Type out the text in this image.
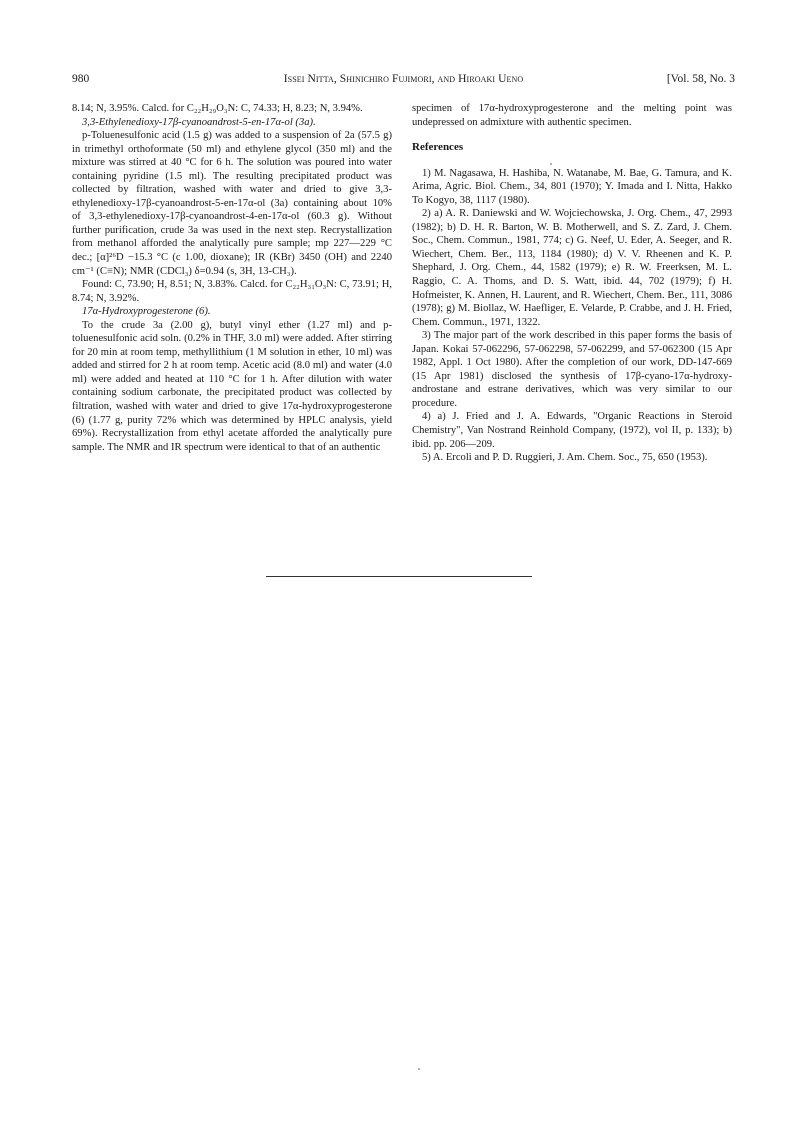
980	Issei Nitta, Shinichiro Fujimori, and Hiroaki Ueno	[Vol. 58, No. 3

8.14; N, 3.95%. Calcd. for C₂₂H₂₉O₃N: C, 74.33; H, 8.23; N, 3.94%.

3,3-Ethylenedioxy-17β-cyanoandrost-5-en-17α-ol (3a).

p-Toluenesulfonic acid (1.5 g) was added to a suspension of 2a (57.5 g) in trimethyl orthoformate (50 ml) and ethylene glycol (350 ml) and the mixture was stirred at 40 °C for 6 h. The solution was poured into water containing pyridine (1.5 ml). The resulting precipitated product was collected by filtration, washed with water and dried to give 3,3-ethylenedioxy-17β-cyanoandrost-5-en-17α-ol (3a) containing about 10% of 3,3-ethylenedioxy-17β-cyanoandrost-4-en-17α-ol (60.3 g). Without further purification, crude 3a was used in the next step. Recrystallization from methanol afforded the analytically pure sample; mp 227—229 °C dec.; [α]²⁶D −15.3 °C (c 1.00, dioxane); IR (KBr) 3450 (OH) and 2240 cm⁻¹ (C≡N); NMR (CDCl₃) δ=0.94 (s, 3H, 13-CH₃).

Found: C, 73.90; H, 8.51; N, 3.83%. Calcd. for C₂₂H₃₁O₃N: C, 73.91; H, 8.74; N, 3.92%.

17α-Hydroxyprogesterone (6).

To the crude 3a (2.00 g), butyl vinyl ether (1.27 ml) and p-toluenesulfonic acid soln. (0.2% in THF, 3.0 ml) were added. After stirring for 20 min at room temp, methyllithium (1 M solution in ether, 10 ml) was added and stirred for 2 h at room temp. Acetic acid (8.0 ml) and water (4.0 ml) were added and heated at 110 °C for 1 h. After dilution with water containing sodium carbonate, the precipitated product was collected by filtration, washed with water and dried to give 17α-hydroxyprogesterone (6) (1.77 g, purity 72% which was determined by HPLC analysis, yield 69%). Recrystallization from ethyl acetate afforded the analytically pure sample. The NMR and IR spectrum were identical to that of an authentic

specimen of 17α-hydroxyprogesterone and the melting point was undepressed on admixture with authentic specimen.

References

1) M. Nagasawa, H. Hashiba, N. Watanabe, M. Bae, G. Tamura, and K. Arima, Agric. Biol. Chem., 34, 801 (1970); Y. Imada and I. Nitta, Hakko To Kogyo, 38, 1117 (1980).

2) a) A. R. Daniewski and W. Wojciechowska, J. Org. Chem., 47, 2993 (1982); b) D. H. R. Barton, W. B. Motherwell, and S. Z. Zard, J. Chem. Soc., Chem. Commun., 1981, 774; c) G. Neef, U. Eder, A. Seeger, and R. Wiechert, Chem. Ber., 113, 1184 (1980); d) V. V. Rheenen and K. P. Shephard, J. Org. Chem., 44, 1582 (1979); e) R. W. Freerksen, M. L. Raggio, C. A. Thoms, and D. S. Watt, ibid. 44, 702 (1979); f) H. Hofmeister, K. Annen, H. Laurent, and R. Wiechert, Chem. Ber., 111, 3086 (1978); g) M. Biollaz, W. Haefliger, E. Velarde, P. Crabbe, and J. H. Fried, Chem. Commun., 1971, 1322.

3) The major part of the work described in this paper forms the basis of Japan. Kokai 57-062296, 57-062298, 57-062299, and 57-062300 (15 Apr 1982, Appl. 1 Oct 1980). After the completion of our work, DD-147-669 (15 Apr 1981) disclosed the synthesis of 17β-cyano-17α-hydroxy-androstane and estrane derivatives, which was very similar to our procedure.

4) a) J. Fried and J. A. Edwards, "Organic Reactions in Steroid Chemistry", Van Nostrand Reinhold Company, (1972), vol II, p. 133); b) ibid. pp. 206—209.

5) A. Ercoli and P. D. Ruggieri, J. Am. Chem. Soc., 75, 650 (1953).
